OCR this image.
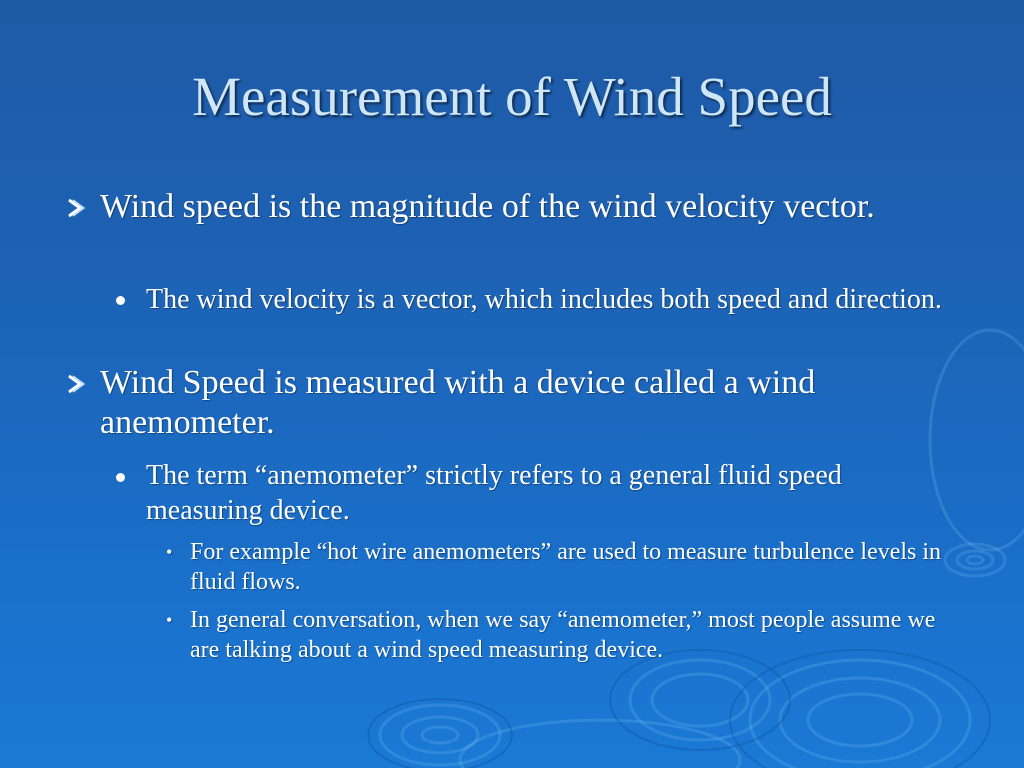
Measurement of Wind Speed
Wind speed is the magnitude of the wind velocity vector.
The wind velocity is a vector, which includes both speed and direction.
Wind Speed is measured with a device called a wind anemometer.
The term “anemometer” strictly refers to a general fluid speed measuring device.
• For example “hot wire anemometers” are used to measure turbulence levels in fluid flows.
• In general conversation, when we say “anemometer,” most people assume we are talking about a wind speed measuring device.
